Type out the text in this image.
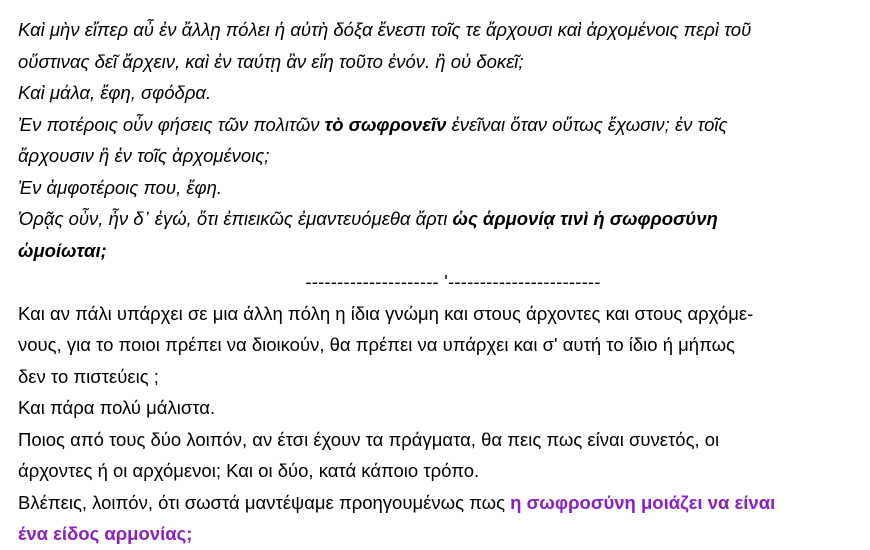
Καὶ μὴν εἴπερ αὖ ἐν ἄλλῃ πόλει ἡ αὐτὴ δόξα ἔνεστι τοῖς τε ἄρχουσι καὶ ἀρχομένοις περὶ τοῦ
οὕστινας δεῖ ἄρχειν, καὶ ἐν ταύτῃ ἂν εἴη τοῦτο ἐνόν. ἢ οὐ δοκεῖ;
Καὶ μάλα, ἔφη, σφόδρα.
Ἐν ποτέροις οὖν φήσεις τῶν πολιτῶν τὸ σωφρονεῖν ἐνεῖναι ὅταν οὕτως ἔχωσιν; ἐν τοῖς
ἄρχουσιν ἢ ἐν τοῖς ἀρχομένοις;
Ἐν ἀμφοτέροις που, ἔφη.
Ὁρᾷς οὖν, ἦν δ᾽ ἐγώ, ὅτι ἐπιεικῶς ἐμαντευόμεθα ἄρτι ὡς ἁρμονίᾳ τινὶ ἡ σωφροσύνη
ὡμοίωται;
--------------------- '------------------------
Και αν πάλι υπάρχει σε μια άλλη πόλη η ίδια γνώμη και στους άρχοντες και στους αρχόμε-
νους, για το ποιοι πρέπει να διοικούν, θα πρέπει να υπάρχει και σ' αυτή το ίδιο ή μήπως
δεν το πιστεύεις ;
Και πάρα πολύ μάλιστα.
Ποιος από τους δύο λοιπόν, αν έτσι έχουν τα πράγματα, θα πεις πως είναι συνετός, οι
άρχοντες ή οι αρχόμενοι; Και οι δύο, κατά κάποιο τρόπο.
Βλέπεις, λοιπόν, ότι σωστά μαντέψαμε προηγουμένως πως η σωφροσύνη μοιάζει να είναι
ένα είδος αρμονίας;
